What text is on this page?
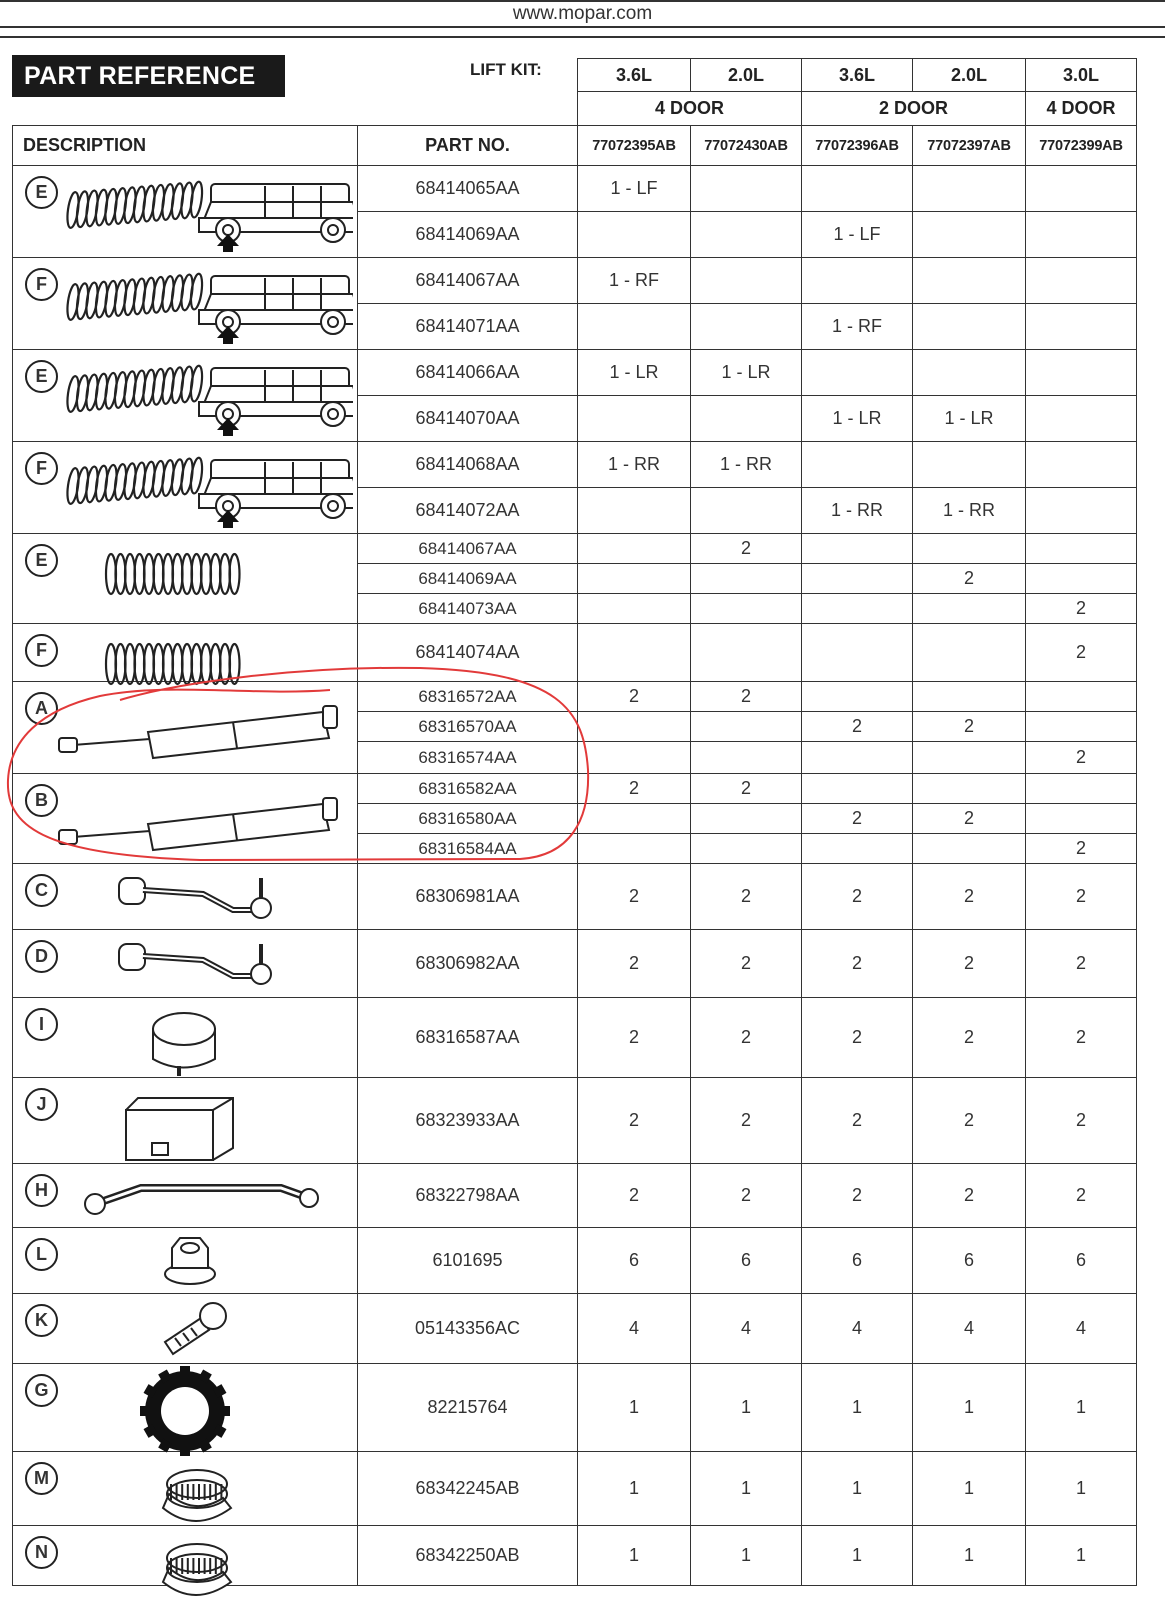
www.mopar.com
PART REFERENCE	LIFT KIT:	3.6L	2.0L	3.6L	2.0L	3.0L
4 DOOR		2 DOOR		4 DOOR
DESCRIPTION	PART NO.	77072395AB	77072430AB	77072396AB	77072397AB	77072399AB

E	68414065AA	1 - LF				
	68414069AA			1 - LF		

F	68414067AA	1 - RF				
	68414071AA			1 - RF		

E	68414066AA	1 - LR	1 - LR			
	68414070AA			1 - LR	1 - LR	

F	68414068AA	1 - RR	1 - RR			
	68414072AA			1 - RR	1 - RR	

E	68414067AA		2			
	68414069AA				2	
	68414073AA					2

F	68414074AA					2

A	68316572AA	2	2			
	68316570AA			2	2	
	68316574AA					2

B	68316582AA	2	2			
	68316580AA			2	2	
	68316584AA					2

C	68306981AA	2	2	2	2	2

D	68306982AA	2	2	2	2	2

I	68316587AA	2	2	2	2	2

J	68323933AA	2	2	2	2	2

H	68322798AA	2	2	2	2	2

L	6101695	6	6	6	6	6

K	05143356AC	4	4	4	4	4

G Jeep	82215764	1	1	1	1	1

M	68342245AB	1	1	1	1	1

N	68342250AB	1	1	1	1	1
